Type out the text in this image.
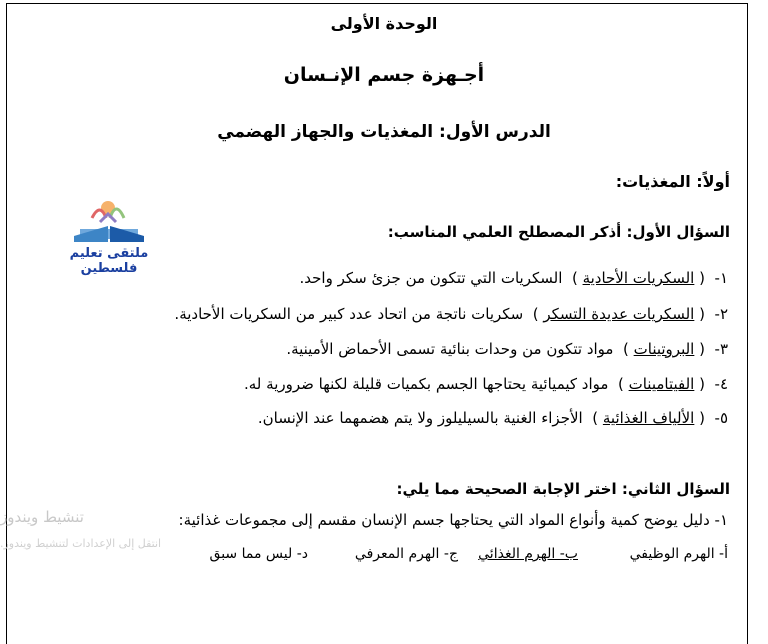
الوحدة الأولى
أجـهزة جسم الإنـسان
الدرس الأول: المغذيات والجهاز الهضمي
أولاً: المغذيات:
ملتقى تعليم فلسطين
السؤال الأول: أذكر المصطلح العلمي المناسب:
١-  ( السكريات الأحادية )  السكريات التي تتكون من جزئ سكر واحد.
٢-  ( السكريات عديدة التسكر )  سكريات ناتجة من اتحاد عدد كبير من السكريات الأحادية.
٣-  ( البروتينات )  مواد تتكون من وحدات بنائية تسمى الأحماض الأمينية.
٤-  ( الفيتامينات )  مواد كيميائية يحتاجها الجسم بكميات قليلة لكنها ضرورية له.
٥-  ( الألياف الغذائية )  الأجزاء الغنية بالسيليلوز ولا يتم هضمهما عند الإنسان.
السؤال الثاني: اختر الإجابة الصحيحة مما يلي:
١- دليل يوضح كمية وأنواع المواد التي يحتاجها جسم الإنسان مقسم إلى مجموعات غذائية:
أ- الهرم الوظيفي
ب- الهرم الغذائي
ج- الهرم المعرفي
د- ليس مما سبق
تنشيط ويندوز
انتقل إلى الإعدادات لتنشيط ويندوز.
